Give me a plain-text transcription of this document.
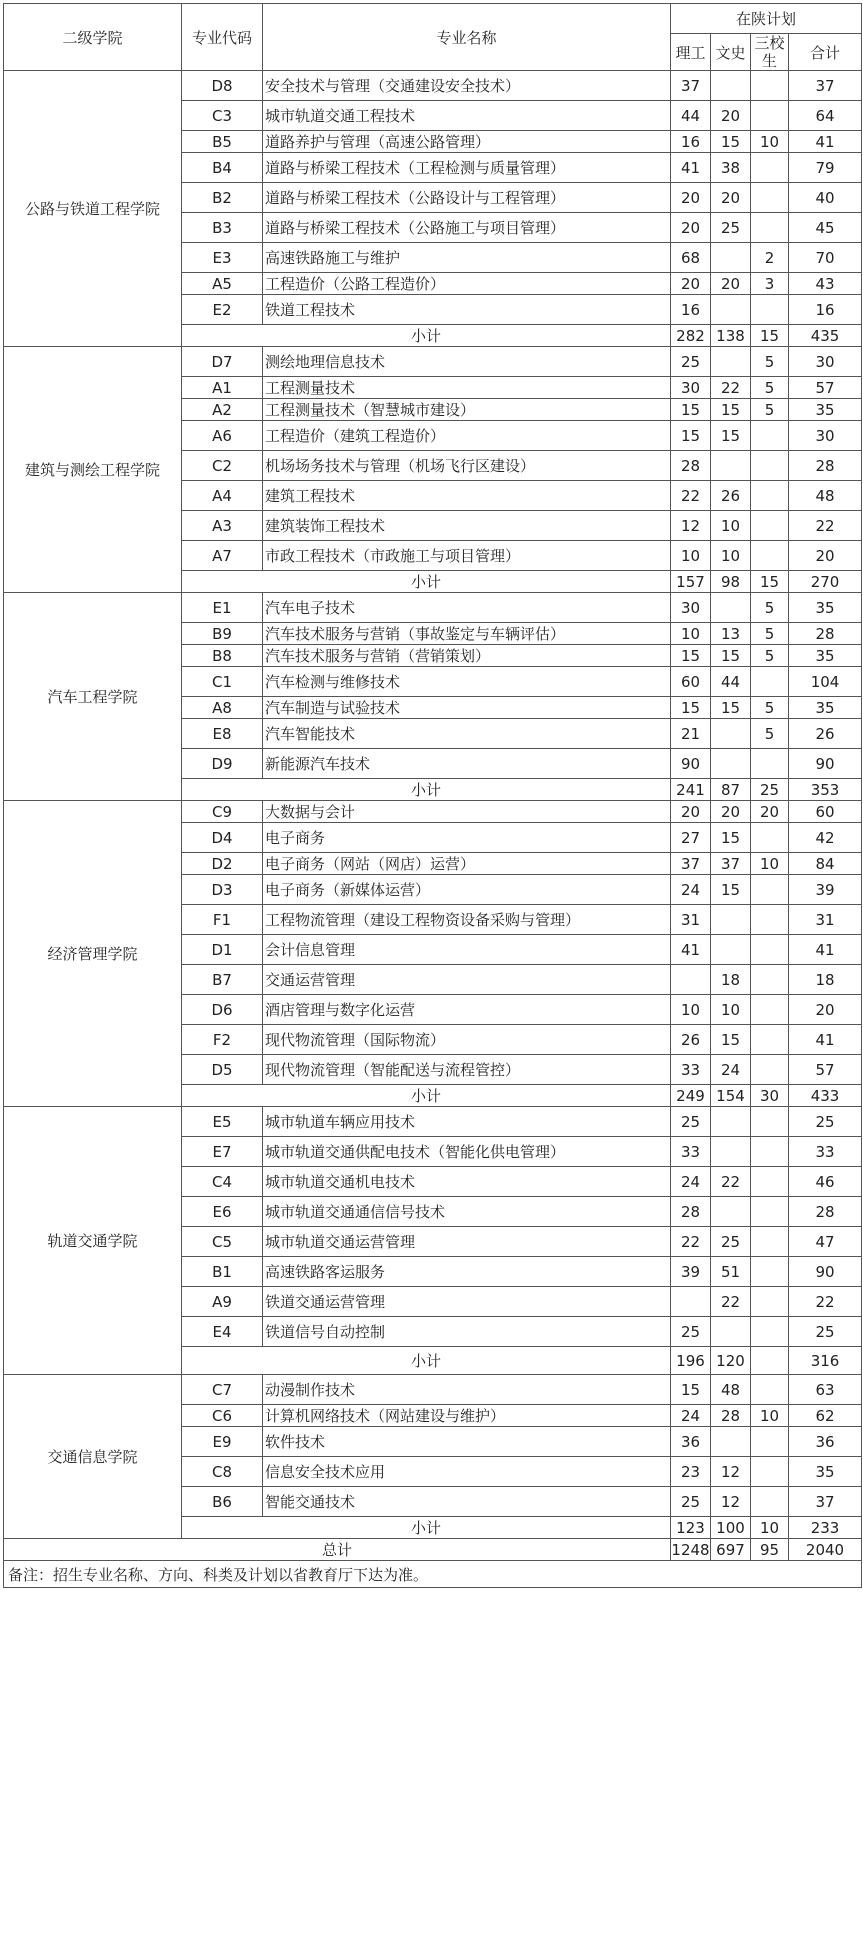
二级学院	专业代码	专业名称	在陕计划			
			理工	文史	三校生	合计
公路与铁道工程学院	D8	安全技术与管理（交通建设安全技术）	37			37
	C3	城市轨道交通工程技术	44	20		64
	B5	道路养护与管理（高速公路管理）	16	15	10	41
	B4	道路与桥梁工程技术（工程检测与质量管理）	41	38		79
	B2	道路与桥梁工程技术（公路设计与工程管理）	20	20		40
	B3	道路与桥梁工程技术（公路施工与项目管理）	20	25		45
	E3	高速铁路施工与维护	68		2	70
	A5	工程造价（公路工程造价）	20	20	3	43
	E2	铁道工程技术	16			16
	小计		282	138	15	435
建筑与测绘工程学院	D7	测绘地理信息技术	25		5	30
	A1	工程测量技术	30	22	5	57
	A2	工程测量技术（智慧城市建设）	15	15	5	35
	A6	工程造价（建筑工程造价）	15	15		30
	C2	机场场务技术与管理（机场飞行区建设）	28			28
	A4	建筑工程技术	22	26		48
	A3	建筑装饰工程技术	12	10		22
	A7	市政工程技术（市政施工与项目管理）	10	10		20
	小计		157	98	15	270
汽车工程学院	E1	汽车电子技术	30		5	35
	B9	汽车技术服务与营销（事故鉴定与车辆评估）	10	13	5	28
	B8	汽车技术服务与营销（营销策划）	15	15	5	35
	C1	汽车检测与维修技术	60	44		104
	A8	汽车制造与试验技术	15	15	5	35
	E8	汽车智能技术	21		5	26
	D9	新能源汽车技术	90			90
	小计		241	87	25	353
经济管理学院	C9	大数据与会计	20	20	20	60
	D4	电子商务	27	15		42
	D2	电子商务（网站（网店）运营）	37	37	10	84
	D3	电子商务（新媒体运营）	24	15		39
	F1	工程物流管理（建设工程物资设备采购与管理）	31			31
	D1	会计信息管理	41			41
	B7	交通运营管理		18		18
	D6	酒店管理与数字化运营	10	10		20
	F2	现代物流管理（国际物流）	26	15		41
	D5	现代物流管理（智能配送与流程管控）	33	24		57
	小计		249	154	30	433
轨道交通学院	E5	城市轨道车辆应用技术	25			25
	E7	城市轨道交通供配电技术（智能化供电管理）	33			33
	C4	城市轨道交通机电技术	24	22		46
	E6	城市轨道交通通信信号技术	28			28
	C5	城市轨道交通运营管理	22	25		47
	B1	高速铁路客运服务	39	51		90
	A9	铁道交通运营管理		22		22
	E4	铁道信号自动控制	25			25
	小计		196	120		316
交通信息学院	C7	动漫制作技术	15	48		63
	C6	计算机网络技术（网站建设与维护）	24	28	10	62
	E9	软件技术	36			36
	C8	信息安全技术应用	23	12		35
	B6	智能交通技术	25	12		37
	小计		123	100	10	233
总计			1248	697	95	2040
备注：招生专业名称、方向、科类及计划以省教育厅下达为准。						
